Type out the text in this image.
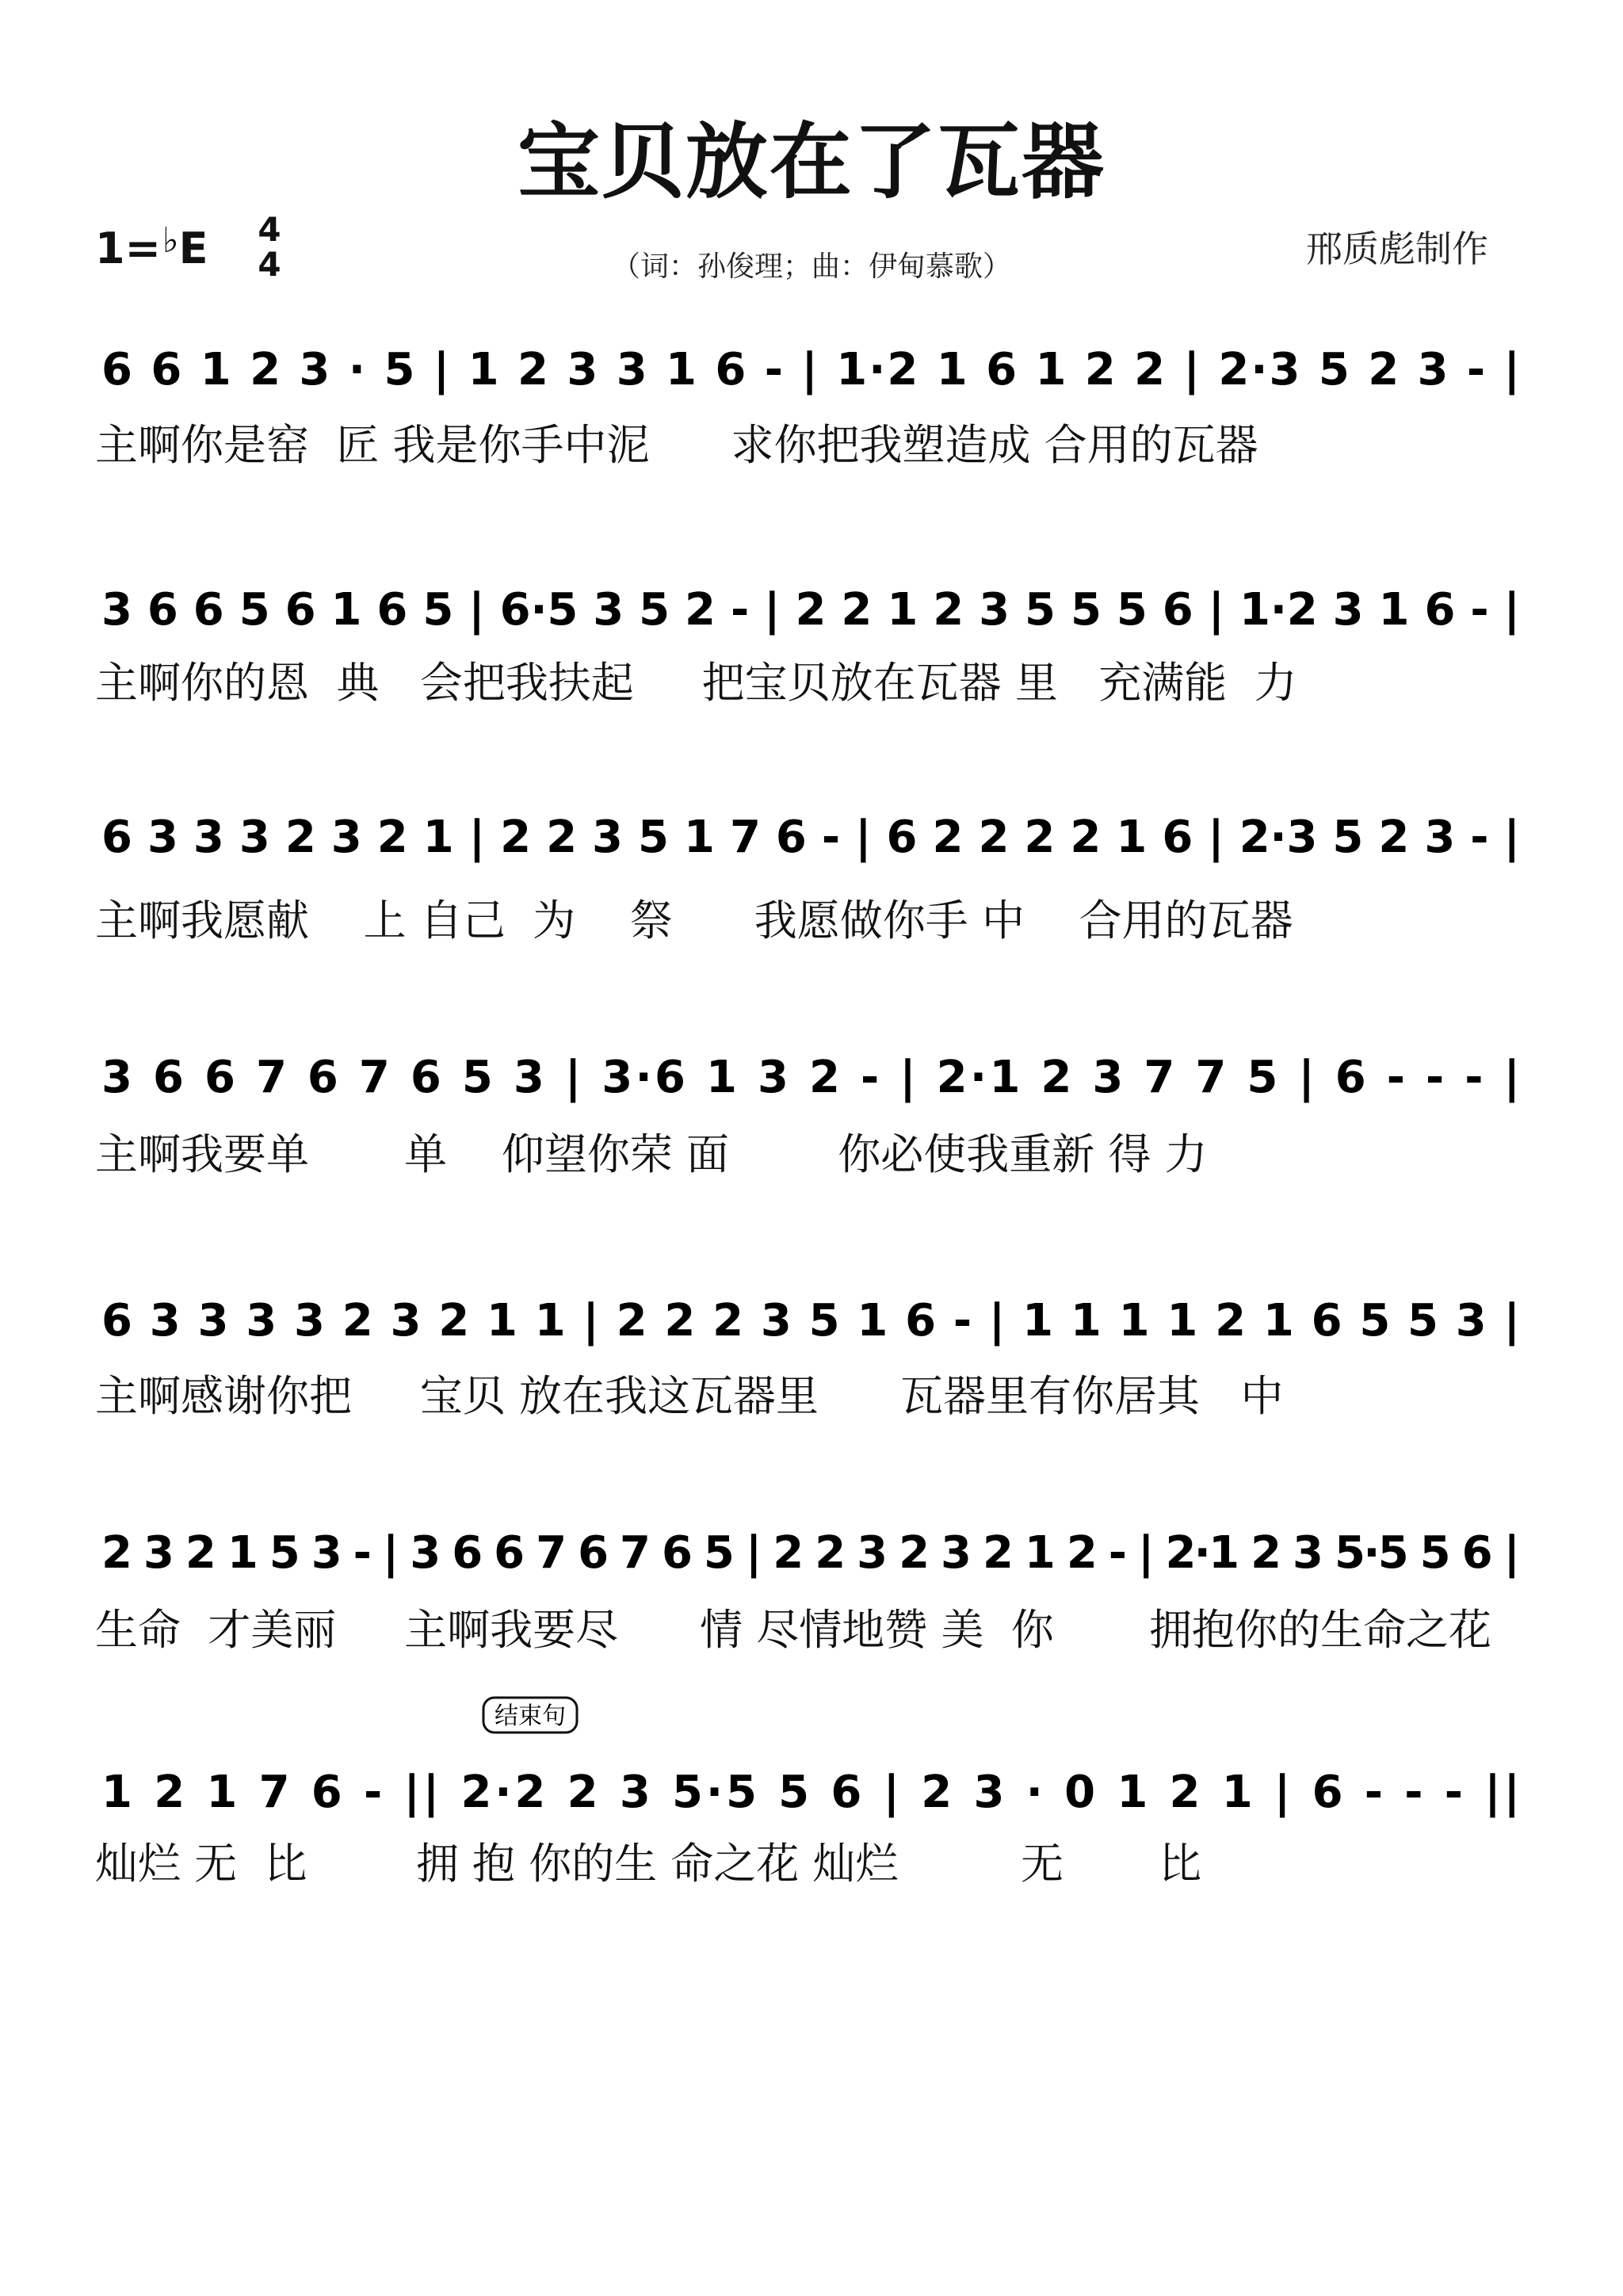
宝贝放在了瓦器
1=♭E 4
4	（词：孙俊理；曲：伊甸慕歌）	邢质彪制作
6 6 1 2 3 · 5 | 1 2 3 3 1 6 - | 1·2 1 6 1 2 2 | 2·3 5 2 3 - |
3 6 6 5 6 1 6 5 | 6·5 3 5 2 - | 2 2 1 2 3 5 5 5 6 | 1·2 3 1 6 - |
6 3 3 3 2 3 2 1 | 2 2 3 5 1 7 6 - | 6 2 2 2 2 1 6 | 2·3 5 2 3 - |
3 6 6 7 6 7 6 5 3 | 3·6 1 3 2 - | 2·1 2 3 7 7 5 | 6 - - - |
6 3 3 3 3 2 3 2 1 1 | 2 2 2 3 5 1 6 - | 1 1 1 1 2 1 6 5 5 3 |
2 3 2 1 5 3 - | 3 6 6 7 6 7 6 5 | 2 2 3 2 3 2 1 2 - | 2·1 2 3 5·5 5 6 |
1 2 1 7 6 - || 2·2 2 3 5·5 5 6 | 2 3 · 0 1 2 1 | 6 - - - ||
结束句
主啊你是窑  匠 我是你手中泥      求你把我塑造成 合用的瓦器
主啊你的恩  典   会把我扶起     把宝贝放在瓦器 里   充满能  力
主啊我愿献    上 自己  为    祭      我愿做你手 中    合用的瓦器
主啊我要单       单    仰望你荣 面        你必使我重新 得 力
主啊感谢你把     宝贝 放在我这瓦器里      瓦器里有你居其   中
生命  才美丽     主啊我要尽      情 尽情地赞 美  你       拥抱你的生命之花
灿烂 无  比        拥 抱 你的生 命之花 灿烂         无       比
